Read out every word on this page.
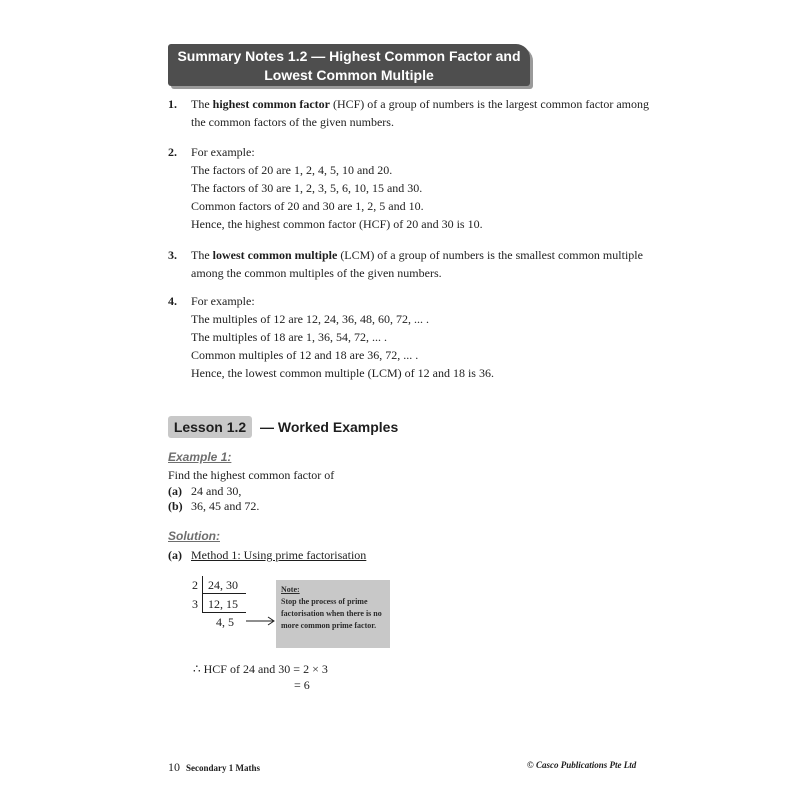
Summary Notes 1.2 — Highest Common Factor and
Lowest Common Multiple
1. The highest common factor (HCF) of a group of numbers is the largest common factor among

the common factors of the given numbers.

2. For example:

The factors of 20 are 1, 2, 4, 5, 10 and 20.

The factors of 30 are 1, 2, 3, 5, 6, 10, 15 and 30.

Common factors of 20 and 30 are 1, 2, 5 and 10.

Hence, the highest common factor (HCF) of 20 and 30 is 10.

3. The lowest common multiple (LCM) of a group of numbers is the smallest common multiple

among the common multiples of the given numbers.

4. For example:

The multiples of 12 are 12, 24, 36, 48, 60, 72, ... .

The multiples of 18 are 1, 36, 54, 72, ... .

Common multiples of 12 and 18 are 36, 72, ... .

Hence, the lowest common multiple (LCM) of 12 and 18 is 36.

Lesson 1.2 — Worked Examples
Example 1:
Find the highest common factor of
(a) 24 and 30,
(b) 36, 45 and 72.
Solution:
(a) Method 1: Using prime factorisation
2
3
24, 30
12, 15
4, 5
Note:
Stop the process of prime factorisation when there is no more common prime factor.
∴ HCF of 24 and 30 = 2 × 3
= 6
10 Secondary 1 Maths	© Casco Publications Pte Ltd
